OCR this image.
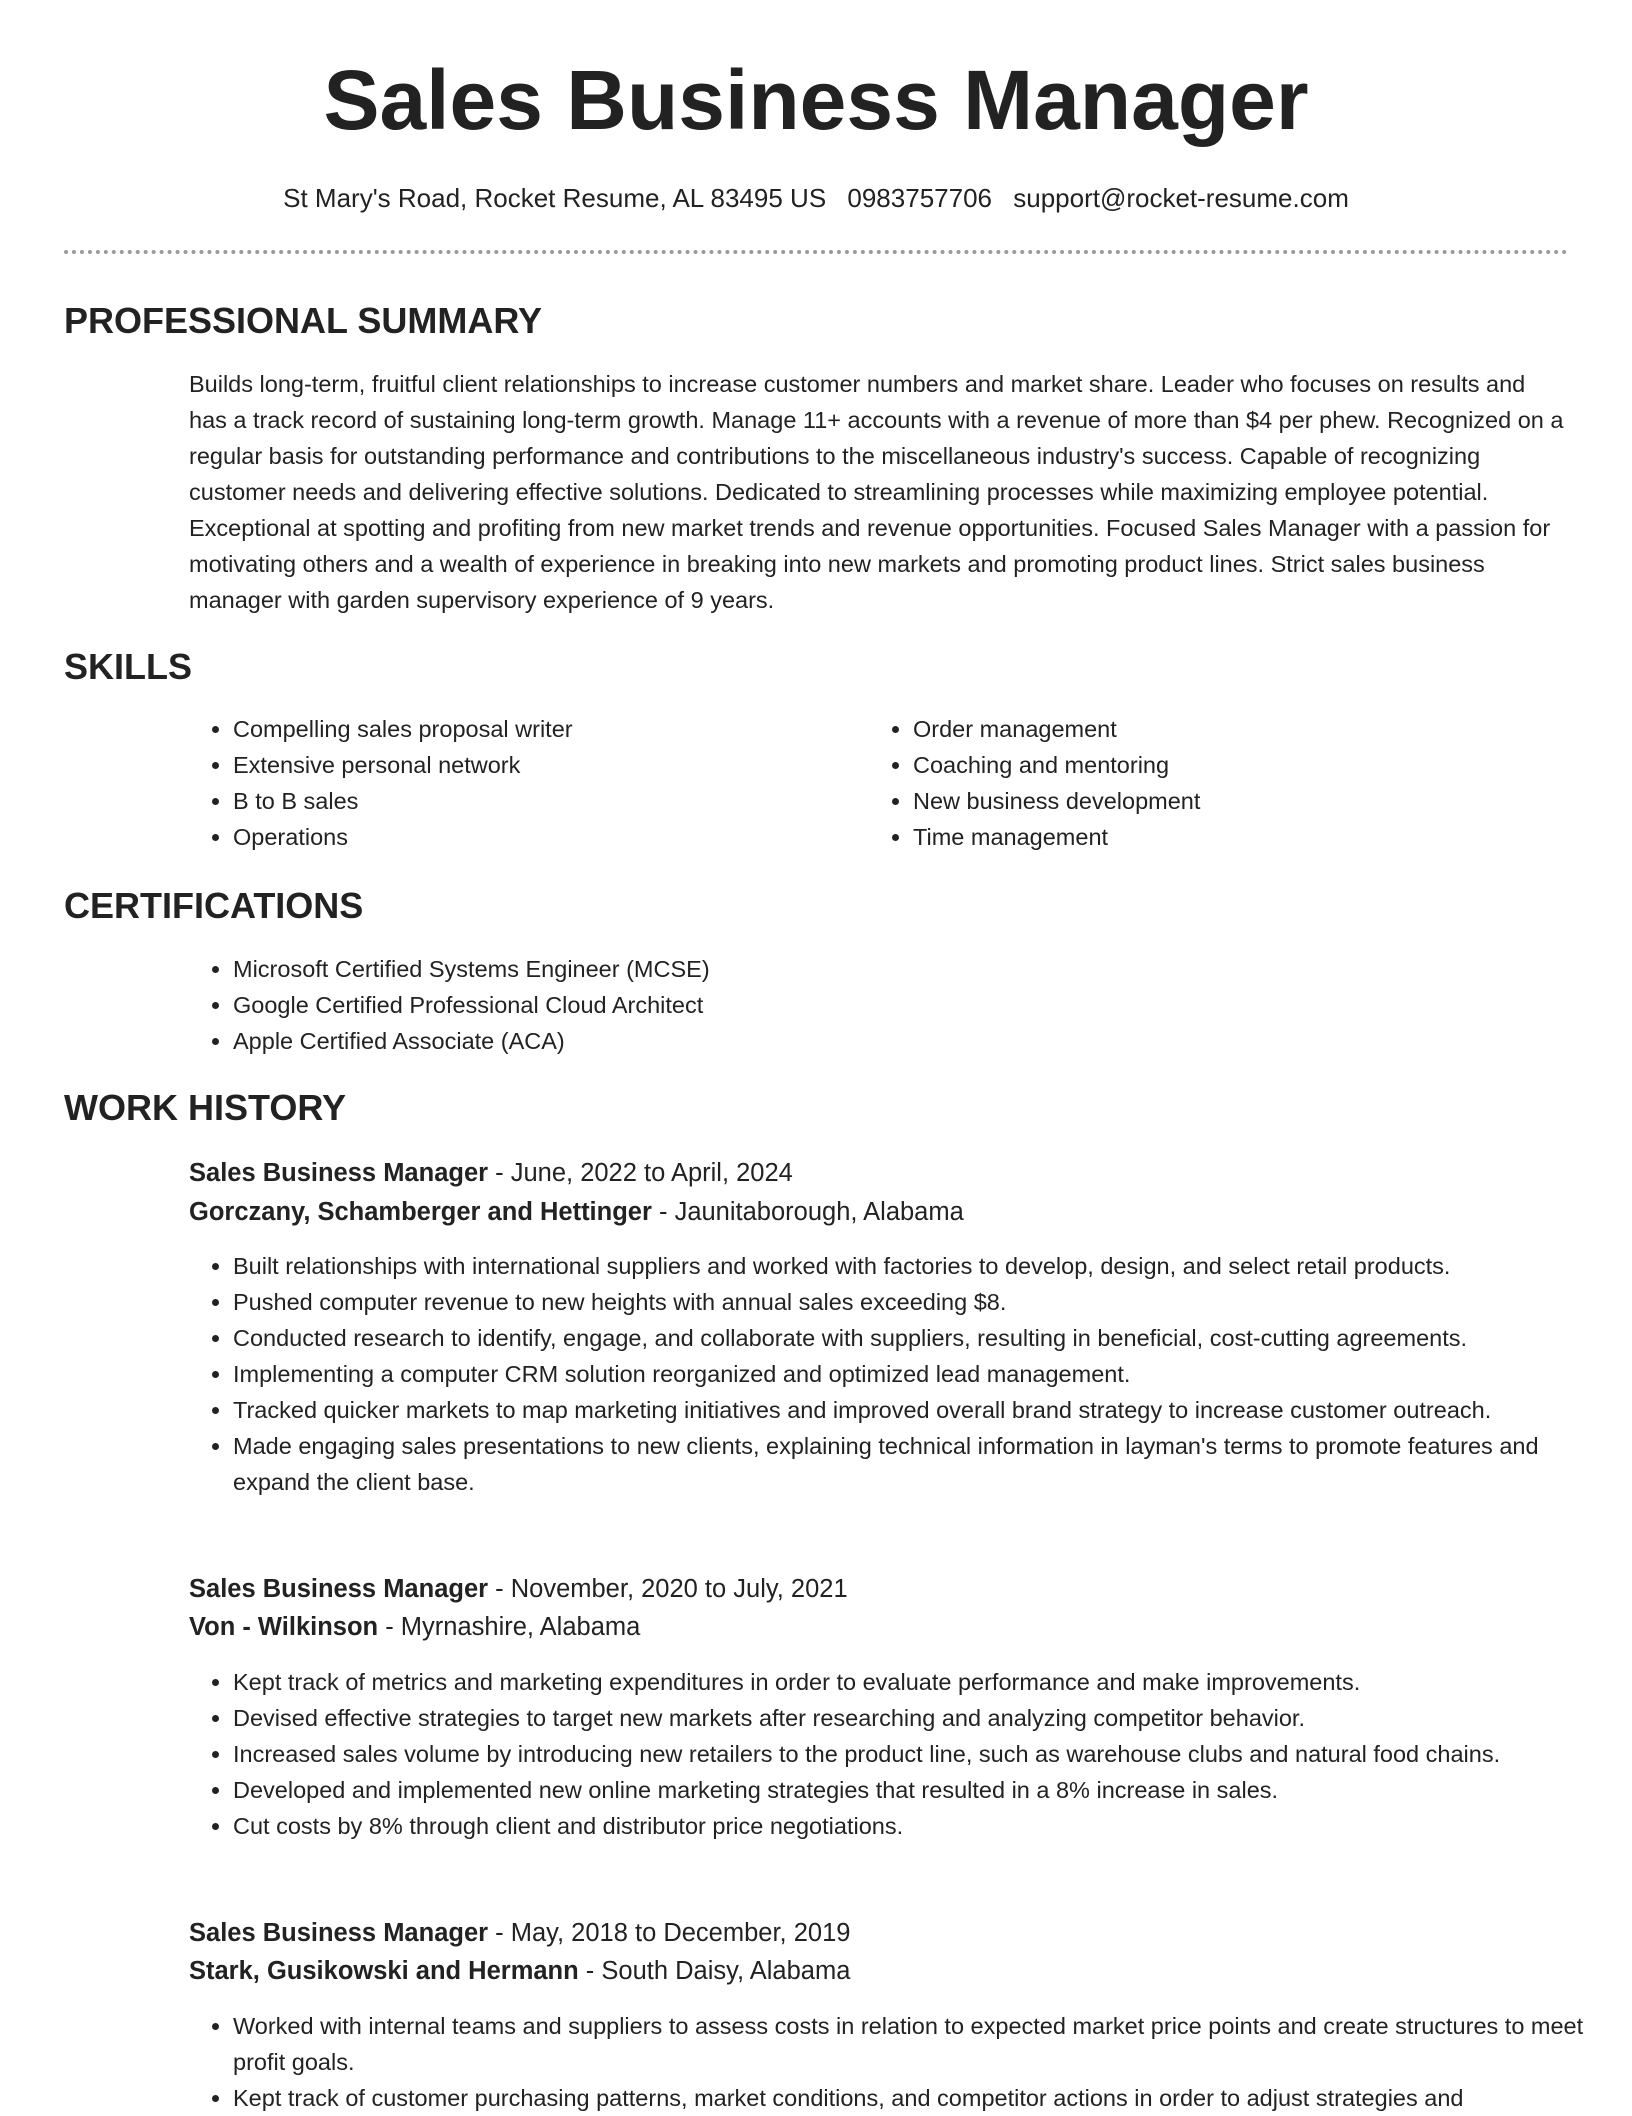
Sales Business Manager
St Mary's Road, Rocket Resume, AL 83495 US 0983757706 support@rocket-resume.com
PROFESSIONAL SUMMARY

Builds long-term, fruitful client relationships to increase customer numbers and market share. Leader who focuses on results and has a track record of sustaining long-term growth. Manage 11+ accounts with a revenue of more than $4 per phew. Recognized on a regular basis for outstanding performance and contributions to the miscellaneous industry's success. Capable of recognizing customer needs and delivering effective solutions. Dedicated to streamlining processes while maximizing employee potential. Exceptional at spotting and profiting from new market trends and revenue opportunities. Focused Sales Manager with a passion for motivating others and a wealth of experience in breaking into new markets and promoting product lines. Strict sales business manager with garden supervisory experience of 9 years.

SKILLS
• Compelling sales proposal writer
• Extensive personal network
• B to B sales
• Operations
• Order management
• Coaching and mentoring
• New business development
• Time management
CERTIFICATIONS
• Microsoft Certified Systems Engineer (MCSE)
• Google Certified Professional Cloud Architect
• Apple Certified Associate (ACA)
WORK HISTORY
Sales Business Manager - June, 2022 to April, 2024
Gorczany, Schamberger and Hettinger - Jaunitaborough, Alabama
• Built relationships with international suppliers and worked with factories to develop, design, and select retail products.
• Pushed computer revenue to new heights with annual sales exceeding $8.
• Conducted research to identify, engage, and collaborate with suppliers, resulting in beneficial, cost-cutting agreements.
• Implementing a computer CRM solution reorganized and optimized lead management.
• Tracked quicker markets to map marketing initiatives and improved overall brand strategy to increase customer outreach.
• Made engaging sales presentations to new clients, explaining technical information in layman's terms to promote features and expand the client base.
Sales Business Manager - November, 2020 to July, 2021
Von - Wilkinson - Myrnashire, Alabama
• Kept track of metrics and marketing expenditures in order to evaluate performance and make improvements.
• Devised effective strategies to target new markets after researching and analyzing competitor behavior.
• Increased sales volume by introducing new retailers to the product line, such as warehouse clubs and natural food chains.
• Developed and implemented new online marketing strategies that resulted in a 8% increase in sales.
• Cut costs by 8% through client and distributor price negotiations.
Sales Business Manager - May, 2018 to December, 2019
Stark, Gusikowski and Hermann - South Daisy, Alabama
• Worked with internal teams and suppliers to assess costs in relation to expected market price points and create structures to meet profit goals.
• Kept track of customer purchasing patterns, market conditions, and competitor actions in order to adjust strategies and
